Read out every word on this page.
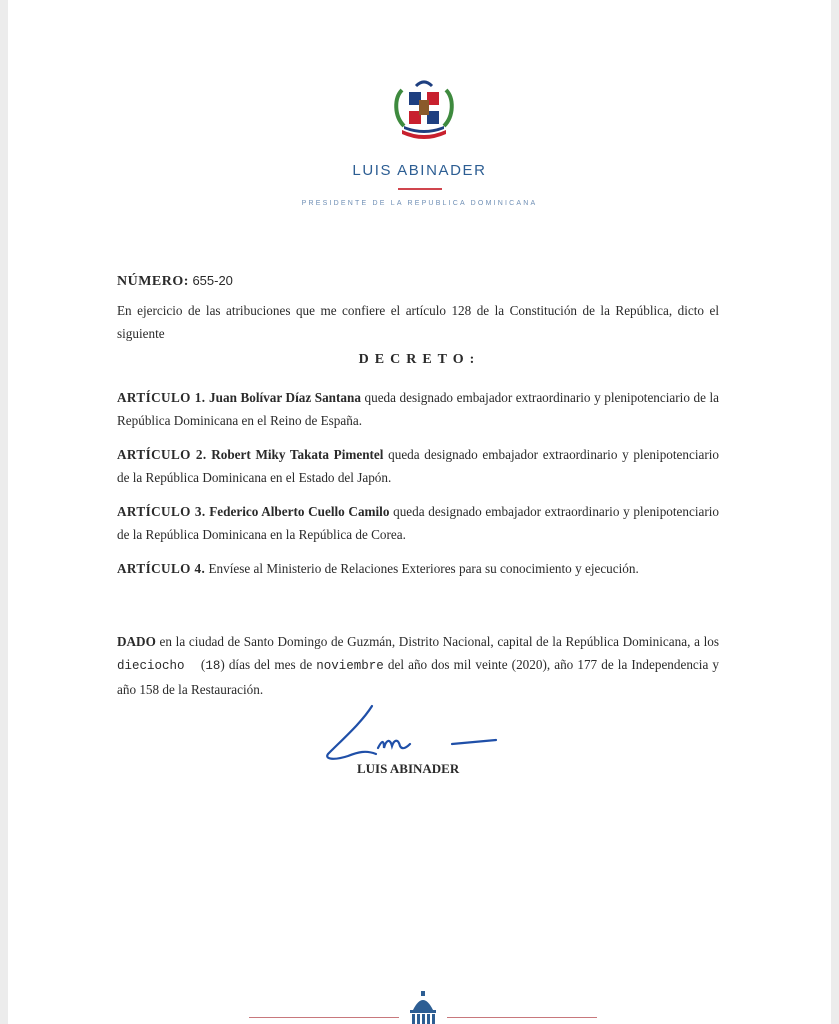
LUIS ABINADER
PRESIDENTE DE LA REPUBLICA DOMINICANA
NÚMERO: 655-20
En ejercicio de las atribuciones que me confiere el artículo 128 de la Constitución de la República, dicto el siguiente
DECRETO:
ARTÍCULO 1. Juan Bolívar Díaz Santana queda designado embajador extraordinario y plenipotenciario de la República Dominicana en el Reino de España.
ARTÍCULO 2. Robert Miky Takata Pimentel queda designado embajador extraordinario y plenipotenciario de la República Dominicana en el Estado del Japón.
ARTÍCULO 3. Federico Alberto Cuello Camilo queda designado embajador extraordinario y plenipotenciario de la República Dominicana en la República de Corea.
ARTÍCULO 4. Envíese al Ministerio de Relaciones Exteriores para su conocimiento y ejecución.
DADO en la ciudad de Santo Domingo de Guzmán, Distrito Nacional, capital de la República Dominicana, a los dieciocho    (18) días del mes de noviembre del año dos mil veinte (2020), año 177 de la Independencia y año 158 de la Restauración.
LUIS ABINADER
